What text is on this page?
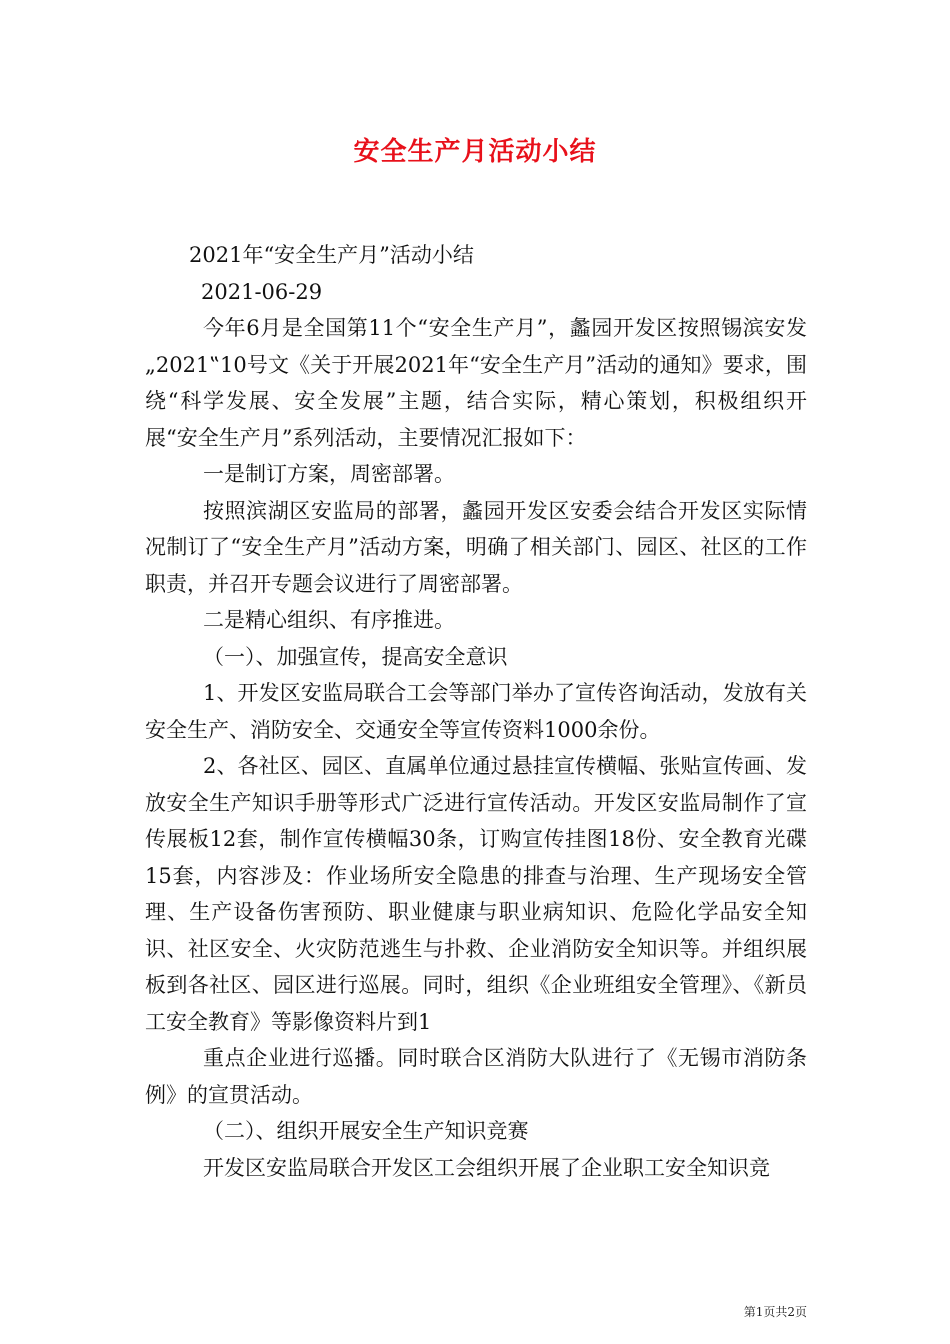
安全生产月活动小结

2021年“安全生产月”活动小结

2021-06-29

今年6月是全国第11个“安全生产月”，蠡园开发区按照锡滨安发„2021‟10号文《关于开展2021年“安全生产月”活动的通知》要求，围绕“科学发展、安全发展”主题，结合实际，精心策划，积极组织开展“安全生产月”系列活动，主要情况汇报如下：

一是制订方案，周密部署。

按照滨湖区安监局的部署，蠡园开发区安委会结合开发区实际情况制订了“安全生产月”活动方案，明确了相关部门、园区、社区的工作职责，并召开专题会议进行了周密部署。

二是精心组织、有序推进。

（一）、加强宣传，提高安全意识

1、开发区安监局联合工会等部门举办了宣传咨询活动，发放有关安全生产、消防安全、交通安全等宣传资料1000余份。

2、各社区、园区、直属单位通过悬挂宣传横幅、张贴宣传画、发放安全生产知识手册等形式广泛进行宣传活动。开发区安监局制作了宣传展板12套，制作宣传横幅30条，订购宣传挂图18份、安全教育光碟15套，内容涉及：作业场所安全隐患的排查与治理、生产现场安全管理、生产设备伤害预防、职业健康与职业病知识、危险化学品安全知识、社区安全、火灾防范逃生与扑救、企业消防安全知识等。并组织展板到各社区、园区进行巡展。同时，组织《企业班组安全管理》、《新员工安全教育》等影像资料片到1

重点企业进行巡播。同时联合区消防大队进行了《无锡市消防条例》的宣贯活动。

（二）、组织开展安全生产知识竞赛

开发区安监局联合开发区工会组织开展了企业职工安全知识竞

第1页共2页
